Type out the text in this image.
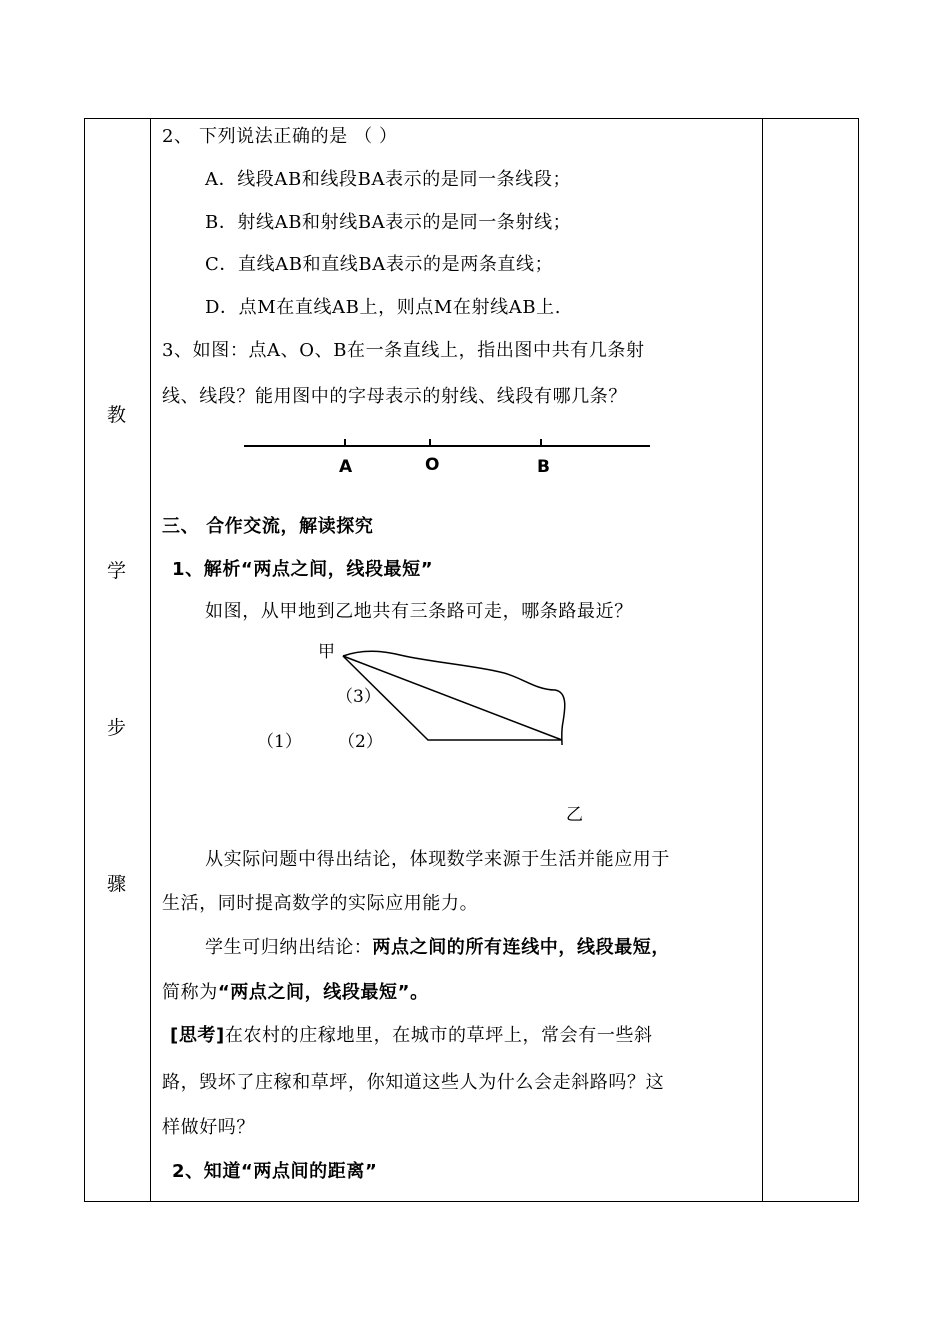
教
学
步
骤
2、 下列说法正确的是 （ ）
A．线段AB和线段BA表示的是同一条线段；
B．射线AB和射线BA表示的是同一条射线；
C．直线AB和直线BA表示的是两条直线；
D．点M在直线AB上，则点M在射线AB上.
3、如图：点A、O、B在一条直线上，指出图中共有几条射
线、线段？能用图中的字母表示的射线、线段有哪几条？
A	O	B
三、 合作交流，解读探究
1、解析“两点之间，线段最短”
如图，从甲地到乙地共有三条路可走，哪条路最近？
甲
（3）
（1） （2）
乙
从实际问题中得出结论，体现数学来源于生活并能应用于
生活，同时提高数学的实际应用能力。
学生可归纳出结论：两点之间的所有连线中，线段最短，
简称为“两点之间，线段最短”。
[思考]在农村的庄稼地里，在城市的草坪上，常会有一些斜
路，毁坏了庄稼和草坪，你知道这些人为什么会走斜路吗？这
样做好吗？
2、知道“两点间的距离”
